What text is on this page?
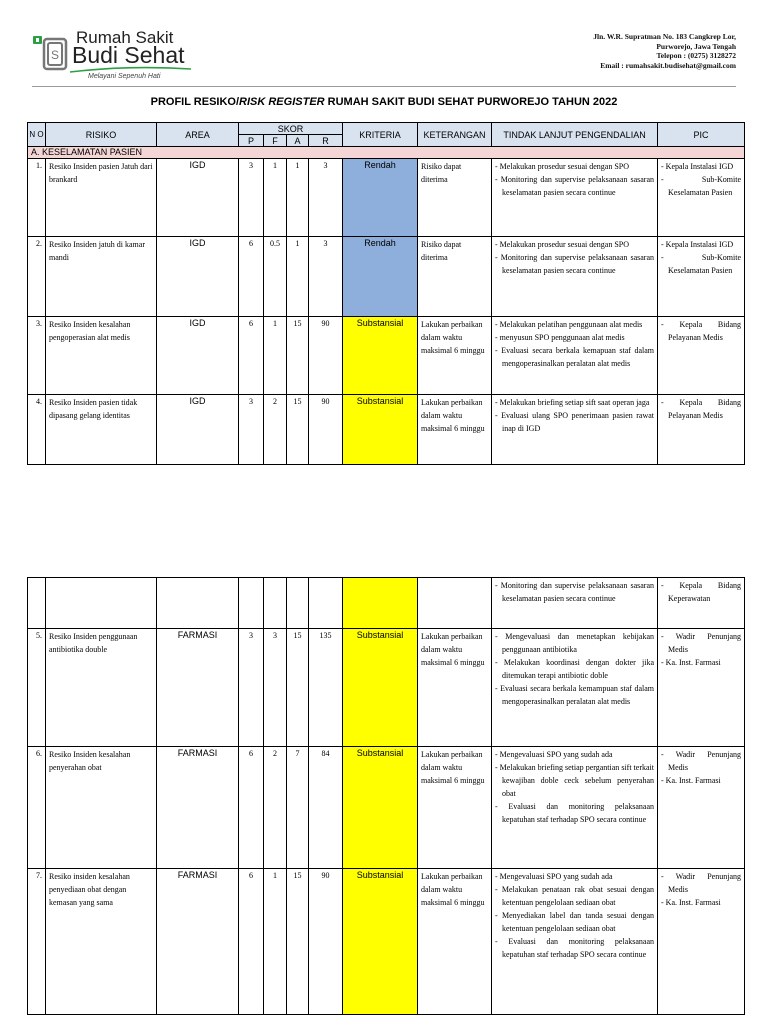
S
Rumah Sakit
Budi Sehat
Melayani Sepenuh Hati
Jln. W.R. Supratman No. 183 Cangkrep Lor,
Purworejo, Jawa Tengah
Telepon : (0275) 3128272
Email : rumahsakit.budisehat@gmail.com
PROFIL RESIKO/RISK REGISTER RUMAH SAKIT BUDI SEHAT PURWOREJO TAHUN 2022
N O	RISIKO	AREA	SKOR				KRITERIA	KETERANGAN	TINDAK LANJUT PENGENDALIAN	PIC
			P	F	A	R				
A. KESELAMATAN PASIEN										
1.	Resiko Insiden pasien Jatuh dari brankard	IGD	3	1	1	3	Rendah	Risiko dapat diterima	- Melakukan prosedur sesuai dengan SPO
- Monitoring dan supervise pelaksanaan sasaran keselamatan pasien secara continue	- Kepala Instalasi IGD
- Sub-Komite Keselamatan Pasien

2.	Resiko Insiden jatuh di kamar mandi	IGD	6	0.5	1	3	Rendah	Risiko dapat diterima	- Melakukan prosedur sesuai dengan SPO
- Monitoring dan supervise pelaksanaan sasaran keselamatan pasien secara continue	- Kepala Instalasi IGD
- Sub-Komite Keselamatan Pasien

3.	Resiko Insiden kesalahan pengoperasian alat medis	IGD	6	1	15	90	Substansial	Lakukan perbaikan dalam waktu maksimal 6 minggu	- Melakukan pelatihan penggunaan alat medis
- menyusun SPO penggunaan alat medis
- Evaluasi secara berkala kemapuan staf dalam mengoperasinalkan peralatan alat medis	- Kepala Bidang Pelayanan Medis

4.	Resiko Insiden pasien tidak dipasang gelang identitas	IGD	3	2	15	90	Substansial	Lakukan perbaikan dalam waktu maksimal 6 minggu	- Melakukan briefing setiap sift saat operan jaga
- Evaluasi ulang SPO penerimaan pasien rawat inap di IGD	- Kepala Bidang Pelayanan Medis

									- Monitoring dan supervise pelaksanaan sasaran keselamatan pasien secara continue	- Kepala Bidang Keperawatan

5.	Resiko Insiden penggunaan antibiotika double	FARMASI	3	3	15	135	Substansial	Lakukan perbaikan dalam waktu maksimal 6 minggu	- Mengevaluasi dan menetapkan kebijakan penggunaan antibiotika
- Melakukan koordinasi dengan dokter jika ditemukan terapi antibiotic doble
- Evaluasi secara berkala kemampuan staf dalam mengoperasinalkan peralatan alat medis	- Wadir Penunjang Medis
- Ka. Inst. Farmasi

6.	Resiko Insiden kesalahan penyerahan obat	FARMASI	6	2	7	84	Substansial	Lakukan perbaikan dalam waktu maksimal 6 minggu	- Mengevaluasi SPO yang sudah ada
- Melakukan briefing setiap pergantian sift terkait kewajiban doble ceck sebelum penyerahan obat
- Evaluasi dan monitoring pelaksanaan kepatuhan staf terhadap SPO secara continue	- Wadir Penunjang Medis
- Ka. Inst. Farmasi

7.	Resiko insiden kesalahan penyediaan obat dengan kemasan yang sama	FARMASI	6	1	15	90	Substansial	Lakukan perbaikan dalam waktu maksimal 6 minggu	- Mengevaluasi SPO yang sudah ada
- Melakukan penataan rak obat sesuai dengan ketentuan pengelolaan sediaan obat
- Menyediakan label dan tanda sesuai dengan ketentuan pengelolaan sediaan obat
- Evaluasi dan monitoring pelaksanaan kepatuhan staf terhadap SPO secara continue	- Wadir Penunjang Medis
- Ka. Inst. Farmasi
